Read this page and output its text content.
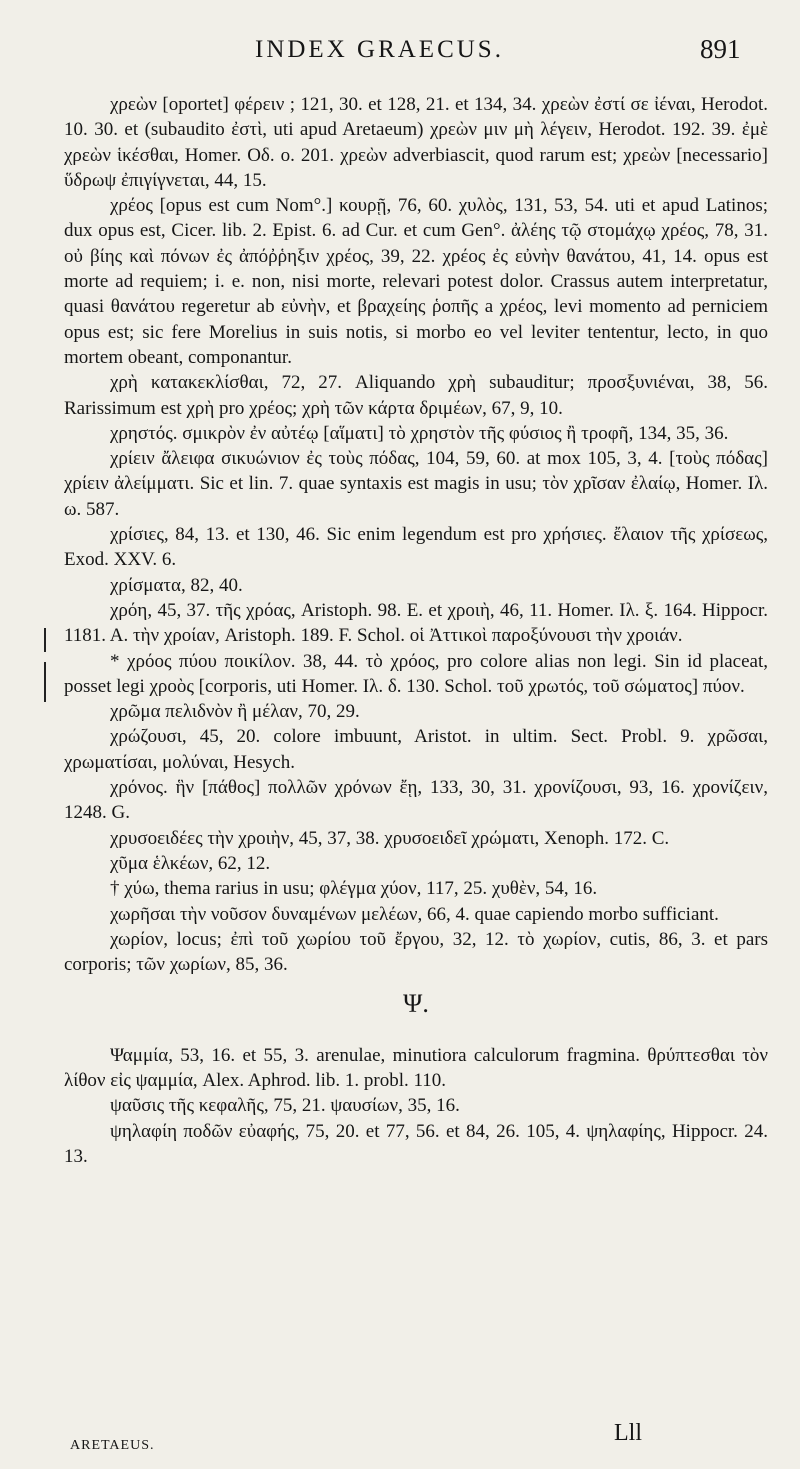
INDEX GRAECUS.	891

χρεὼν [oportet] φέρειν ; 121, 30. et 128, 21. et 134, 34. χρεὼν ἐστί σε ἰέναι, Herodot. 10. 30. et (subaudito ἐστὶ, uti apud Aretaeum) χρεὼν μιν μὴ λέγειν, Herodot. 192. 39. ἐμὲ χρεὼν ἱκέσθαι, Homer. Οδ. ο. 201. χρεὼν adverbiascit, quod rarum est; χρεὼν [necessario] ὕδρωψ ἐπιγίγνεται, 44, 15.

χρέος [opus est cum Nom°.] κουρῇ, 76, 60. χυλὸς, 131, 53, 54. uti et apud Latinos; dux opus est, Cicer. lib. 2. Epist. 6. ad Cur. et cum Gen°. ἀλέης τῷ στομάχῳ χρέος, 78, 31. οὐ βίης καὶ πόνων ἐς ἀπόῤῥηξιν χρέος, 39, 22. χρέος ἐς εὐνὴν θανάτου, 41, 14. opus est morte ad requiem; i. e. non, nisi morte, relevari potest dolor. Crassus autem interpretatur, quasi θανάτου regeretur ab εὐνὴν, et βραχείης ῥοπῆς a χρέος, levi momento ad perniciem opus est; sic fere Morelius in suis notis, si morbo eo vel leviter tententur, lecto, in quo mortem obeant, componantur.

χρὴ κατακεκλίσθαι, 72, 27. Aliquando χρὴ subauditur; προσξυνιέναι, 38, 56. Rarissimum est χρὴ pro χρέος; χρὴ τῶν κάρτα δριμέων, 67, 9, 10.

χρηστός. σμικρὸν ἐν αὐτέῳ [αἵματι] τὸ χρηστὸν τῆς φύσιος ἢ τροφῆ, 134, 35, 36.

χρίειν ἄλειφα σικυώνιον ἐς τοὺς πόδας, 104, 59, 60. at mox 105, 3, 4. [τοὺς πόδας] χρίειν ἀλείμματι. Sic et lin. 7. quae syntaxis est magis in usu; τὸν χρῖσαν ἐλαίῳ, Homer. Ιλ. ω. 587.

χρίσιες, 84, 13. et 130, 46. Sic enim legendum est pro χρήσιες. ἔλαιον τῆς χρίσεως, Exod. XXV. 6.

χρίσματα, 82, 40.

χρόη, 45, 37. τῆς χρόας, Aristoph. 98. E. et χροιὴ, 46, 11. Homer. Ιλ. ξ. 164. Hippocr. 1181. A. τὴν χροίαν, Aristoph. 189. F. Schol. οἱ Ἀττικοὶ παροξύνουσι τὴν χροιάν.

* χρόος πύου ποικίλον. 38, 44. τὸ χρόος, pro colore alias non legi. Sin id placeat, posset legi χροὸς [corporis, uti Homer. Ιλ. δ. 130. Schol. τοῦ χρωτός, τοῦ σώματος] πύον.

χρῶμα πελιδνὸν ἢ μέλαν, 70, 29.

χρώζουσι, 45, 20. colore imbuunt, Aristot. in ultim. Sect. Probl. 9. χρῶσαι, χρωματίσαι, μολύναι, Hesych.

χρόνος. ἣν [πάθος] πολλῶν χρόνων ἔῃ, 133, 30, 31. χρονίζουσι, 93, 16. χρονίζειν, 1248. G.

χρυσοειδέες τὴν χροιὴν, 45, 37, 38. χρυσοειδεῖ χρώματι, Xenoph. 172. C.

χῦμα ἑλκέων, 62, 12.

† χύω, thema rarius in usu; φλέγμα χύον, 117, 25. χυθὲν, 54, 16.

χωρῆσαι τὴν νοῦσον δυναμένων μελέων, 66, 4. quae capiendo morbo sufficiant.

χωρίον, locus; ἐπὶ τοῦ χωρίου τοῦ ἔργου, 32, 12. τὸ χωρίον, cutis, 86, 3. et pars corporis; τῶν χωρίων, 85, 36.

Ψ.

Ψαμμία, 53, 16. et 55, 3. arenulae, minutiora calculorum fragmina. θρύπτεσθαι τὸν λίθον εἰς ψαμμία, Alex. Aphrod. lib. 1. probl. 110.

ψαῦσις τῆς κεφαλῆς, 75, 21. ψαυσίων, 35, 16.

ψηλαφίη ποδῶν εὐαφής, 75, 20. et 77, 56. et 84, 26. 105, 4. ψηλαφίης, Hippocr. 24. 13.

ARETAEUS.	Lll
